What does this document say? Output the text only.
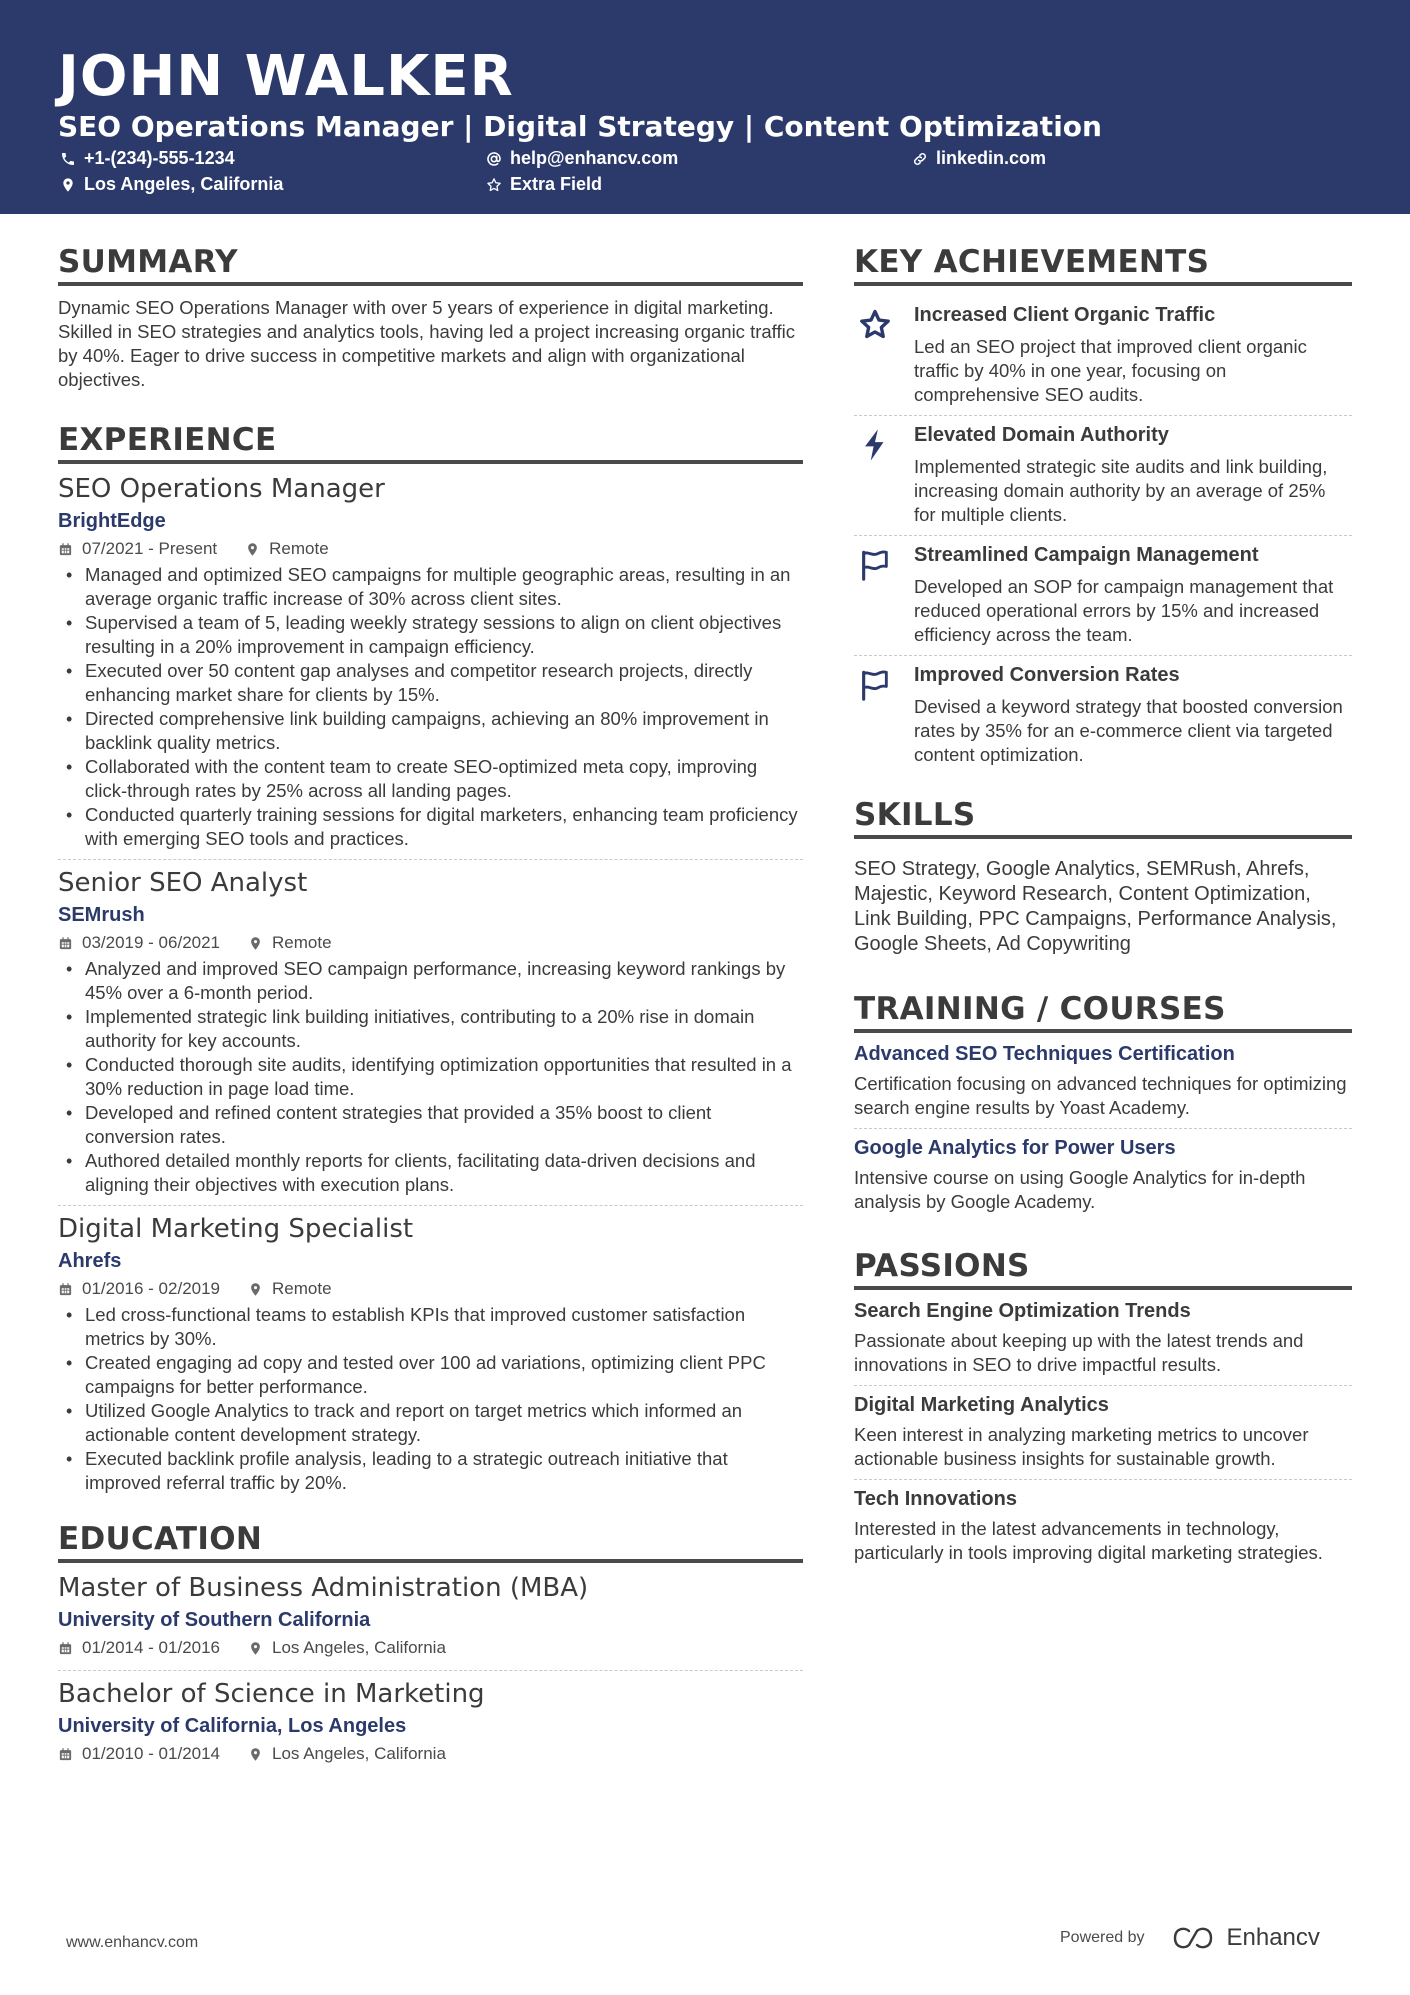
JOHN WALKER
SEO Operations Manager | Digital Strategy | Content Optimization
+1-(234)-555-1234	help@enhancv.com	linkedin.com
Los Angeles, California	Extra Field
SUMMARY

Dynamic SEO Operations Manager with over 5 years of experience in digital marketing. Skilled in SEO strategies and analytics tools, having led a project increasing organic traffic by 40%. Eager to drive success in competitive markets and align with organizational objectives.

EXPERIENCE
SEO Operations Manager
BrightEdge
07/2021 - Present	Remote
• Managed and optimized SEO campaigns for multiple geographic areas, resulting in an average organic traffic increase of 30% across client sites.
• Supervised a team of 5, leading weekly strategy sessions to align on client objectives resulting in a 20% improvement in campaign efficiency.
• Executed over 50 content gap analyses and competitor research projects, directly enhancing market share for clients by 15%.
• Directed comprehensive link building campaigns, achieving an 80% improvement in backlink quality metrics.
• Collaborated with the content team to create SEO-optimized meta copy, improving click-through rates by 25% across all landing pages.
• Conducted quarterly training sessions for digital marketers, enhancing team proficiency with emerging SEO tools and practices.
Senior SEO Analyst
SEMrush
03/2019 - 06/2021	Remote
• Analyzed and improved SEO campaign performance, increasing keyword rankings by 45% over a 6-month period.
• Implemented strategic link building initiatives, contributing to a 20% rise in domain authority for key accounts.
• Conducted thorough site audits, identifying optimization opportunities that resulted in a 30% reduction in page load time.
• Developed and refined content strategies that provided a 35% boost to client conversion rates.
• Authored detailed monthly reports for clients, facilitating data-driven decisions and aligning their objectives with execution plans.
Digital Marketing Specialist
Ahrefs
01/2016 - 02/2019	Remote
• Led cross-functional teams to establish KPIs that improved customer satisfaction metrics by 30%.
• Created engaging ad copy and tested over 100 ad variations, optimizing client PPC campaigns for better performance.
• Utilized Google Analytics to track and report on target metrics which informed an actionable content development strategy.
• Executed backlink profile analysis, leading to a strategic outreach initiative that improved referral traffic by 20%.
EDUCATION
Master of Business Administration (MBA)
University of Southern California
01/2014 - 01/2016	Los Angeles, California
Bachelor of Science in Marketing
University of California, Los Angeles
01/2010 - 01/2014	Los Angeles, California
KEY ACHIEVEMENTS
Increased Client Organic Traffic

Led an SEO project that improved client organic traffic by 40% in one year, focusing on comprehensive SEO audits.

Elevated Domain Authority

Implemented strategic site audits and link building, increasing domain authority by an average of 25% for multiple clients.

Streamlined Campaign Management

Developed an SOP for campaign management that reduced operational errors by 15% and increased efficiency across the team.

Improved Conversion Rates

Devised a keyword strategy that boosted conversion rates by 35% for an e-commerce client via targeted content optimization.

SKILLS

SEO Strategy, Google Analytics, SEMRush, Ahrefs, Majestic, Keyword Research, Content Optimization, Link Building, PPC Campaigns, Performance Analysis, Google Sheets, Ad Copywriting

TRAINING / COURSES
Advanced SEO Techniques Certification

Certification focusing on advanced techniques for optimizing search engine results by Yoast Academy.

Google Analytics for Power Users

Intensive course on using Google Analytics for in-depth analysis by Google Academy.

PASSIONS
Search Engine Optimization Trends

Passionate about keeping up with the latest trends and innovations in SEO to drive impactful results.

Digital Marketing Analytics

Keen interest in analyzing marketing metrics to uncover actionable business insights for sustainable growth.

Tech Innovations

Interested in the latest advancements in technology, particularly in tools improving digital marketing strategies.

www.enhancv.com	Powered by	Enhancv
